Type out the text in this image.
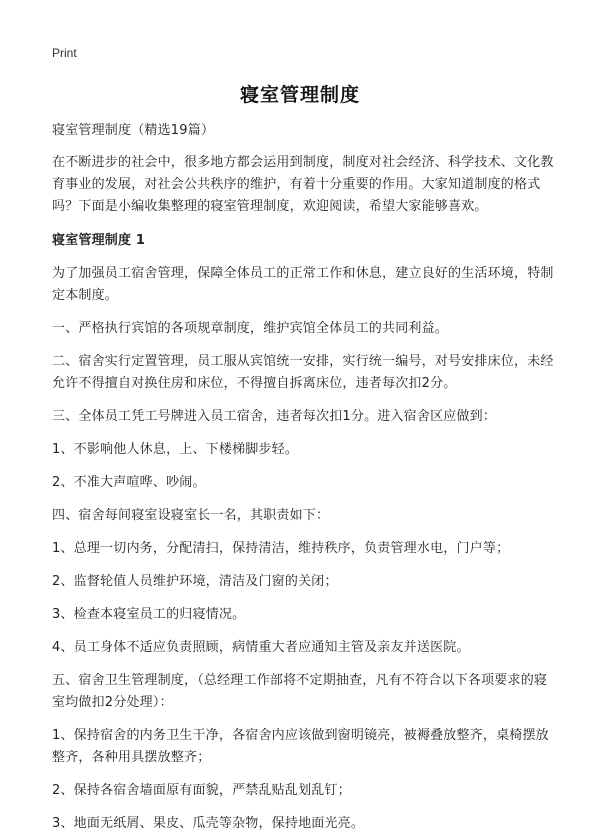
Print
寝室管理制度

寝室管理制度（精选19篇）

在不断进步的社会中，很多地方都会运用到制度，制度对社会经济、科学技术、文化教育事业的发展，对社会公共秩序的维护，有着十分重要的作用。大家知道制度的格式吗？下面是小编收集整理的寝室管理制度，欢迎阅读，希望大家能够喜欢。

寝室管理制度 1

为了加强员工宿舍管理，保障全体员工的正常工作和休息，建立良好的生活环境，特制定本制度。

一、严格执行宾馆的各项规章制度，维护宾馆全体员工的共同利益。

二、宿舍实行定置管理，员工服从宾馆统一安排，实行统一编号，对号安排床位，未经允许不得擅自对换住房和床位，不得擅自拆离床位，违者每次扣2分。

三、全体员工凭工号牌进入员工宿舍，违者每次扣1分。进入宿舍区应做到：

1、不影响他人休息，上、下楼梯脚步轻。

2、不准大声喧哗、吵闹。

四、宿舍每间寝室设寝室长一名，其职责如下：

1、总理一切内务，分配清扫，保持清洁，维持秩序，负责管理水电，门户等；

2、监督轮值人员维护环境，清洁及门窗的关闭；

3、检查本寝室员工的归寝情况。

4、员工身体不适应负责照顾，病情重大者应通知主管及亲友并送医院。

五、宿舍卫生管理制度，（总经理工作部将不定期抽查，凡有不符合以下各项要求的寝室均做扣2分处理）：

1、保持宿舍的内务卫生干净，各宿舍内应该做到窗明镜亮，被褥叠放整齐，桌椅摆放整齐，各种用具摆放整齐；

2、保持各宿舍墙面原有面貌，严禁乱贴乱划乱钉；

3、地面无纸屑、果皮、瓜壳等杂物，保持地面光亮。
